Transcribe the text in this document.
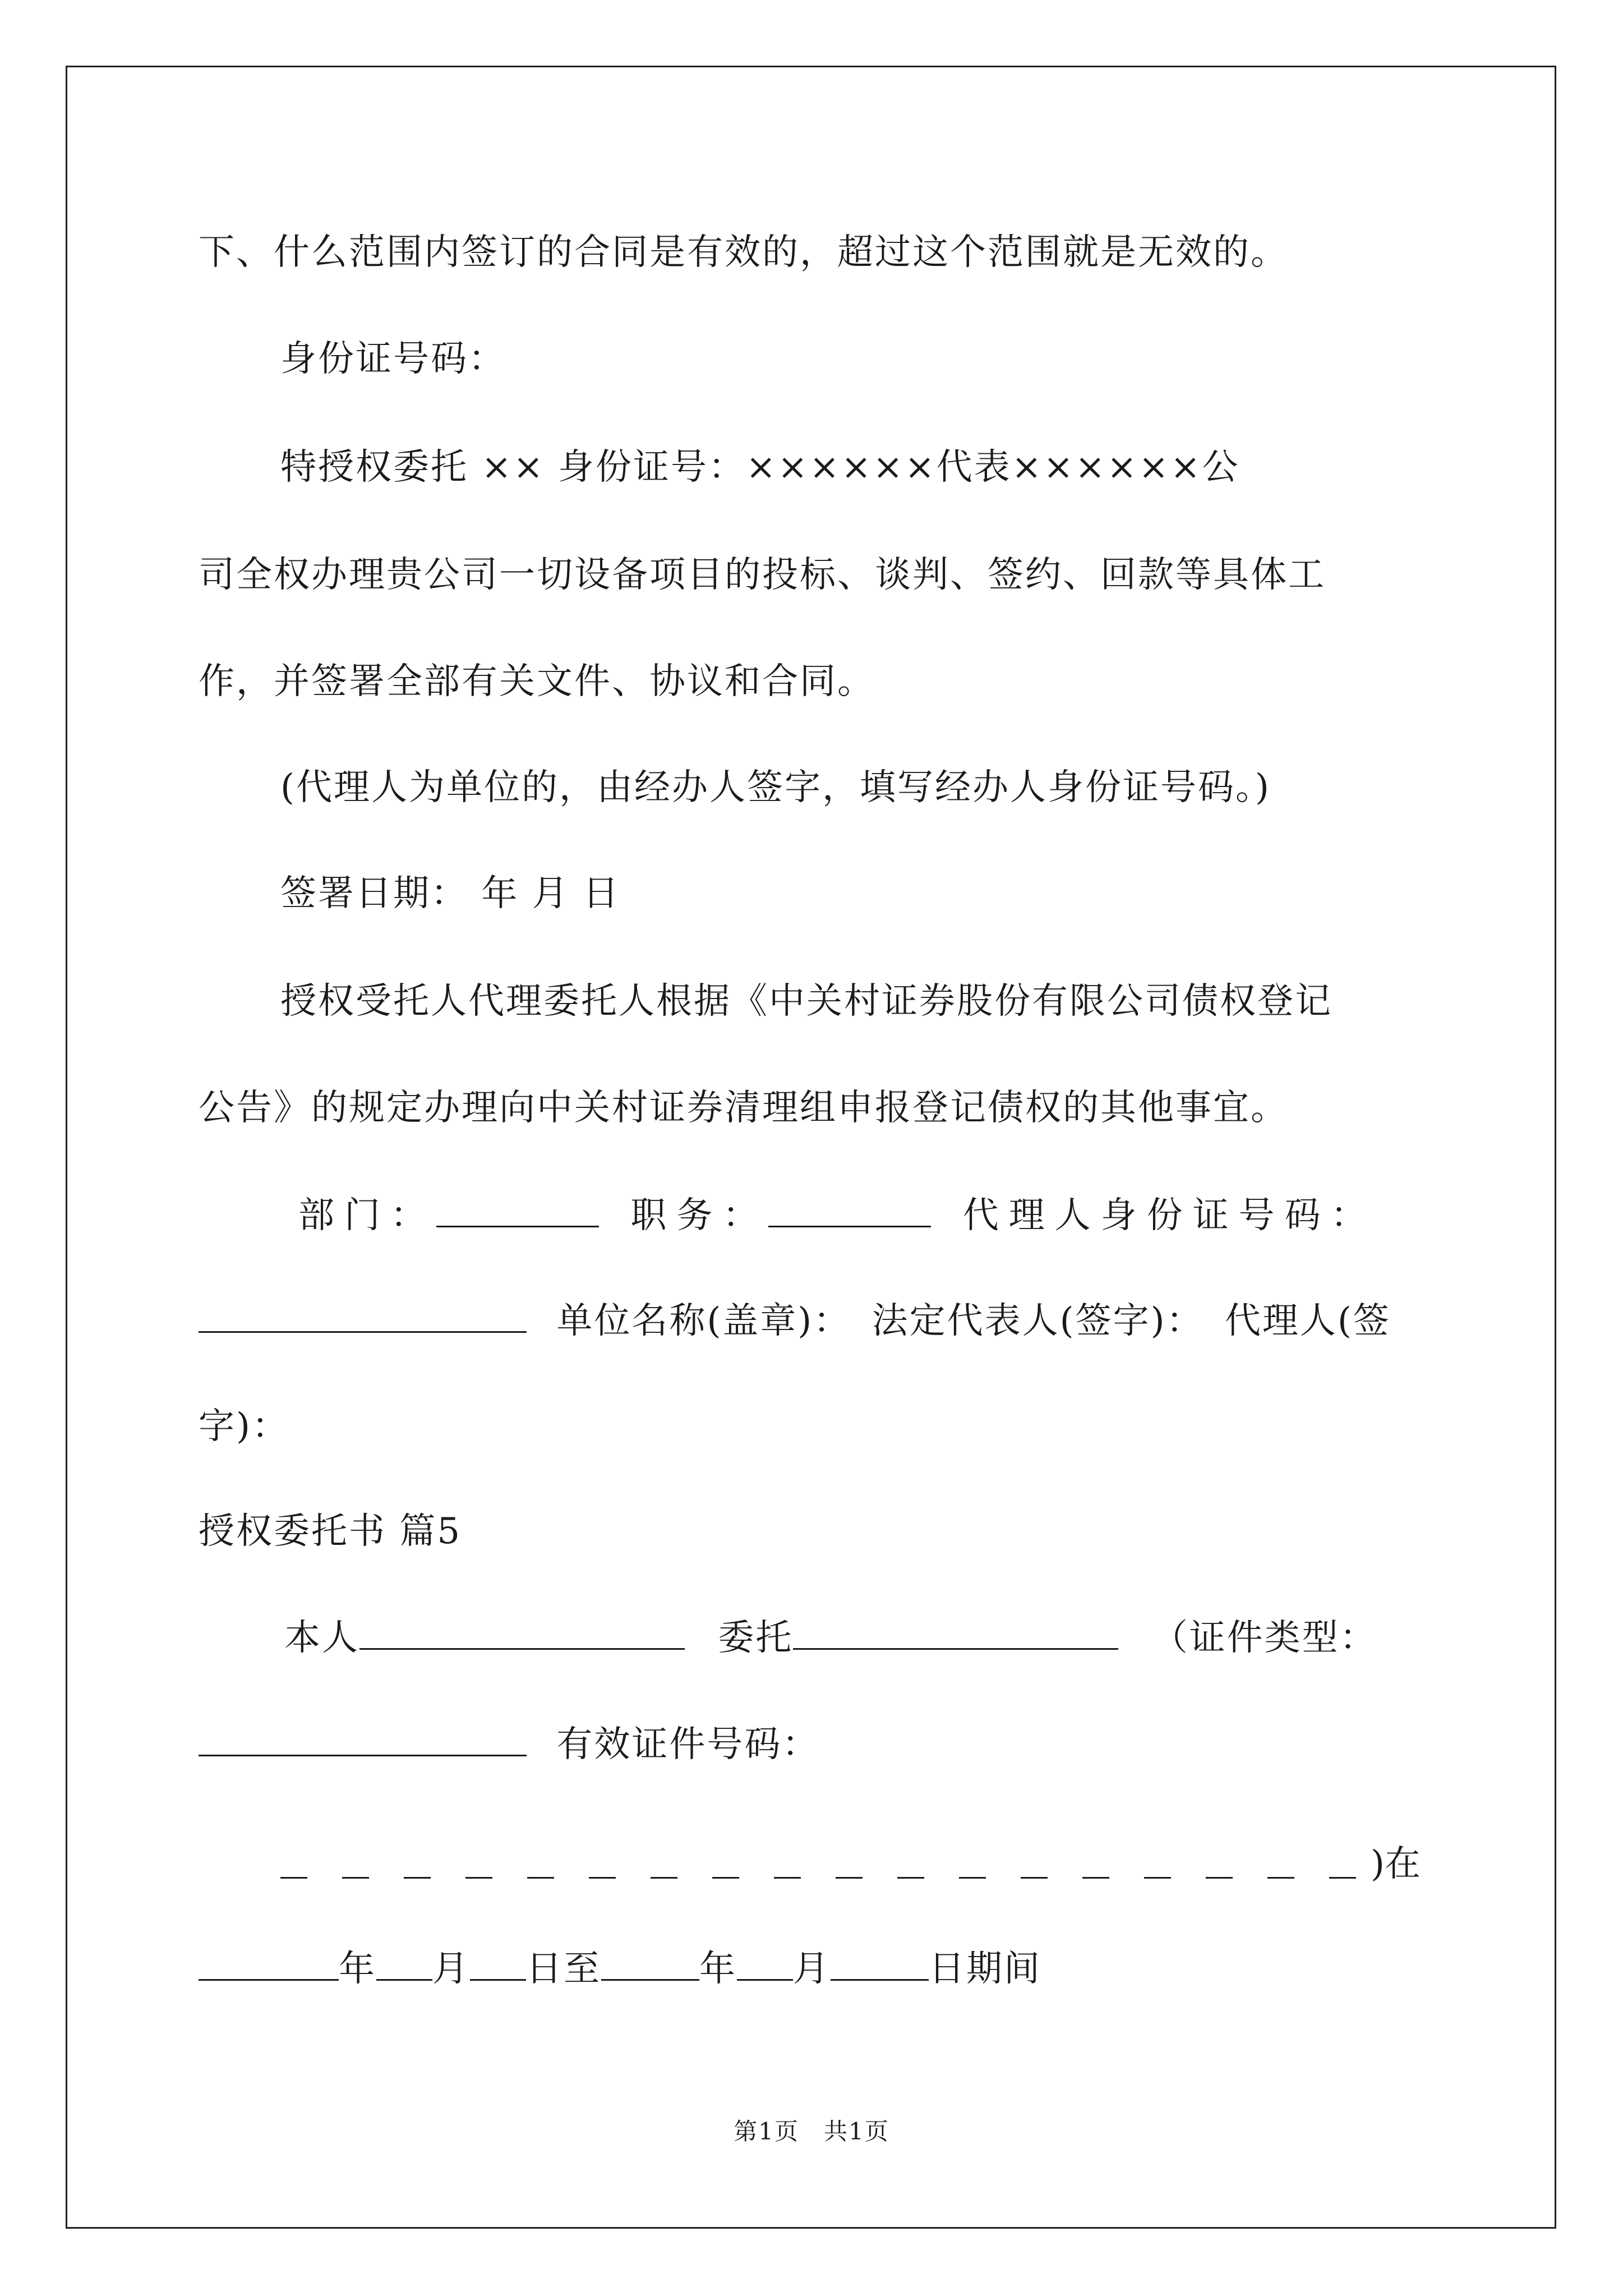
下、什么范围内签订的合同是有效的，超过这个范围就是无效的。
身份证号码：
特授权委托 ×× 身份证号：××××××代表××××××公
司全权办理贵公司一切设备项目的投标、谈判、签约、回款等具体工
作，并签署全部有关文件、协议和合同。
(代理人为单位的，由经办人签字，填写经办人身份证号码。)
签署日期： 年 月 日
授权受托人代理委托人根据《中关村证券股份有限公司债权登记
公告》的规定办理向中关村证券清理组申报登记债权的其他事宜。
部门：	职务：	代理人身份证号码：
单位名称(盖章)： 法定代表人(签字)： 代理人(签
字)：
授权委托书 篇5
本人	委托	（证件类型：
有效证件号码：
)在
年 月 日至	年 月	日期间
第1页 共1页
